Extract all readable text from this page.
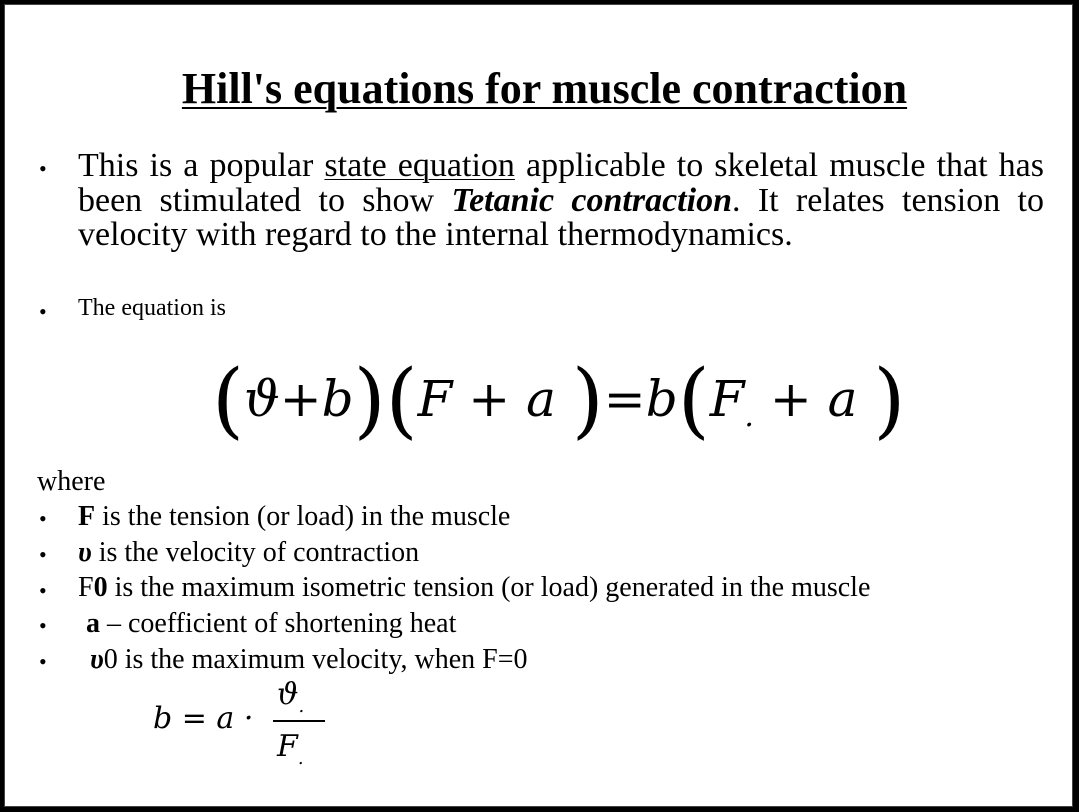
Hill's equations for muscle contraction
• This is a popular state equation applicable to skeletal muscle that has been stimulated to show Tetanic contraction. It relates tension to velocity with regard to the internal thermodynamics.
• The equation is
(ϑ+b)(F + a )$=b(F_. + a$ )
where
• F is the tension (or load) in the muscle
• υ is the velocity of contraction
• F0 is the maximum isometric tension (or load) generated in the muscle
• a – coefficient of shortening heat
• υ0 is the maximum velocity, when F=0
b = a ·
$ϑ_.$
$F_.$
